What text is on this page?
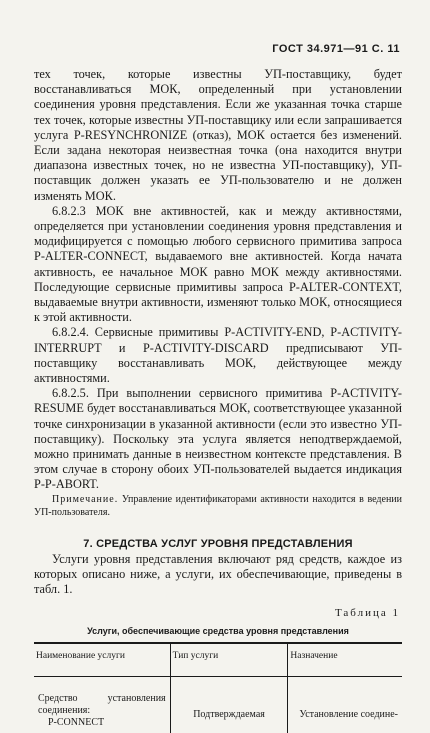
ГОСТ 34.971—91 С. 11

тех точек, которые известны УП-поставщику, будет восстанавливаться МОК, определенный при установлении соединения уровня представления. Если же указанная точка старше тех точек, которые известны УП-поставщику или если запрашивается услуга P-RESYNCHRONIZE (отказ), МОК остается без изменений. Если задана некоторая неизвестная точка (она находится внутри диапазона известных точек, но не известна УП-поставщику), УП-поставщик должен указать ее УП-пользователю и не должен изменять МОК.

6.8.2.3 МОК вне активностей, как и между активностями, определяется при установлении соединения уровня представления и модифицируется с помощью любого сервисного примитива запроса P-ALTER-CONNECT, выдаваемого вне активностей. Когда начата активность, ее начальное МОК равно МОК между активностями. Последующие сервисные примитивы запроса P-ALTER-CONTEXT, выдаваемые внутри активности, изменяют только МОК, относящиеся к этой активности.

6.8.2.4. Сервисные примитивы P-ACTIVITY-END, P-ACTIVITY-INTERRUPT и P-ACTIVITY-DISCARD предписывают УП-поставщику восстанавливать МОК, действующее между активностями.

6.8.2.5. При выполнении сервисного примитива P-ACTIVITY-RESUME будет восстанавливаться МОК, соответствующее указанной точке синхронизации в указанной активности (если это известно УП-поставщику). Поскольку эта услуга является неподтверждаемой, можно принимать данные в неизвестном контексте представления. В этом случае в сторону обоих УП-пользователей выдается индикация P-P-ABORT.

Примечание. Управление идентификаторами активности находится в ведении УП-пользователя.

7. СРЕДСТВА УСЛУГ УРОВНЯ ПРЕДСТАВЛЕНИЯ

Услуги уровня представления включают ряд средств, каждое из которых описано ниже, а услуги, их обеспечивающие, приведены в табл. 1.

Таблица 1
Услуги, обеспечивающие средства уровня представления
Наименование услуги	Тип услуги	Назначение

Средство установления соединения:
P-CONNECT	Подтверждаемая	Установление соедине-
